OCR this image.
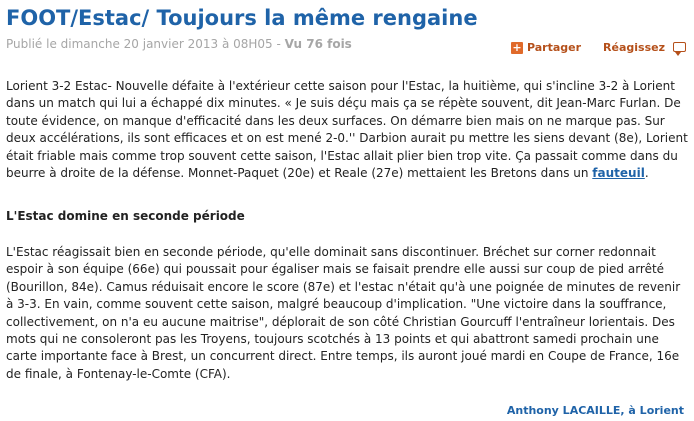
FOOT/Estac/ Toujours la même rengaine
Publié le dimanche 20 janvier 2013 à 08H05 - Vu 76 fois	+ Partager Réagissez

Lorient 3-2 Estac- Nouvelle défaite à l'extérieur cette saison pour l'Estac, la huitième, qui s'incline 3-2 à Lorient dans un match qui lui a échappé dix minutes. « Je suis déçu mais ça se répète souvent, dit Jean-Marc Furlan. De toute évidence, on manque d'efficacité dans les deux surfaces. On démarre bien mais on ne marque pas. Sur deux accélérations, ils sont efficaces et on est mené 2-0.'' Darbion aurait pu mettre les siens devant (8e), Lorient était friable mais comme trop souvent cette saison, l'Estac allait plier bien trop vite. Ça passait comme dans du beurre à droite de la défense. Monnet-Paquet (20e) et Reale (27e) mettaient les Bretons dans un fauteuil.

L'Estac domine en seconde période

L'Estac réagissait bien en seconde période, qu'elle dominait sans discontinuer. Bréchet sur corner redonnait espoir à son équipe (66e) qui poussait pour égaliser mais se faisait prendre elle aussi sur coup de pied arrêté (Bourillon, 84e). Camus réduisait encore le score (87e) et l'estac n'était qu'à une poignée de minutes de revenir à 3-3. En vain, comme souvent cette saison, malgré beaucoup d'implication. "Une victoire dans la souffrance, collectivement, on n'a eu aucune maitrise", déplorait de son côté Christian Gourcuff l'entraîneur lorientais. Des mots qui ne consoleront pas les Troyens, toujours scotchés à 13 points et qui abattront samedi prochain une carte importante face à Brest, un concurrent direct. Entre temps, ils auront joué mardi en Coupe de France, 16e de finale, à Fontenay-le-Comte (CFA).

Anthony LACAILLE, à Lorient
